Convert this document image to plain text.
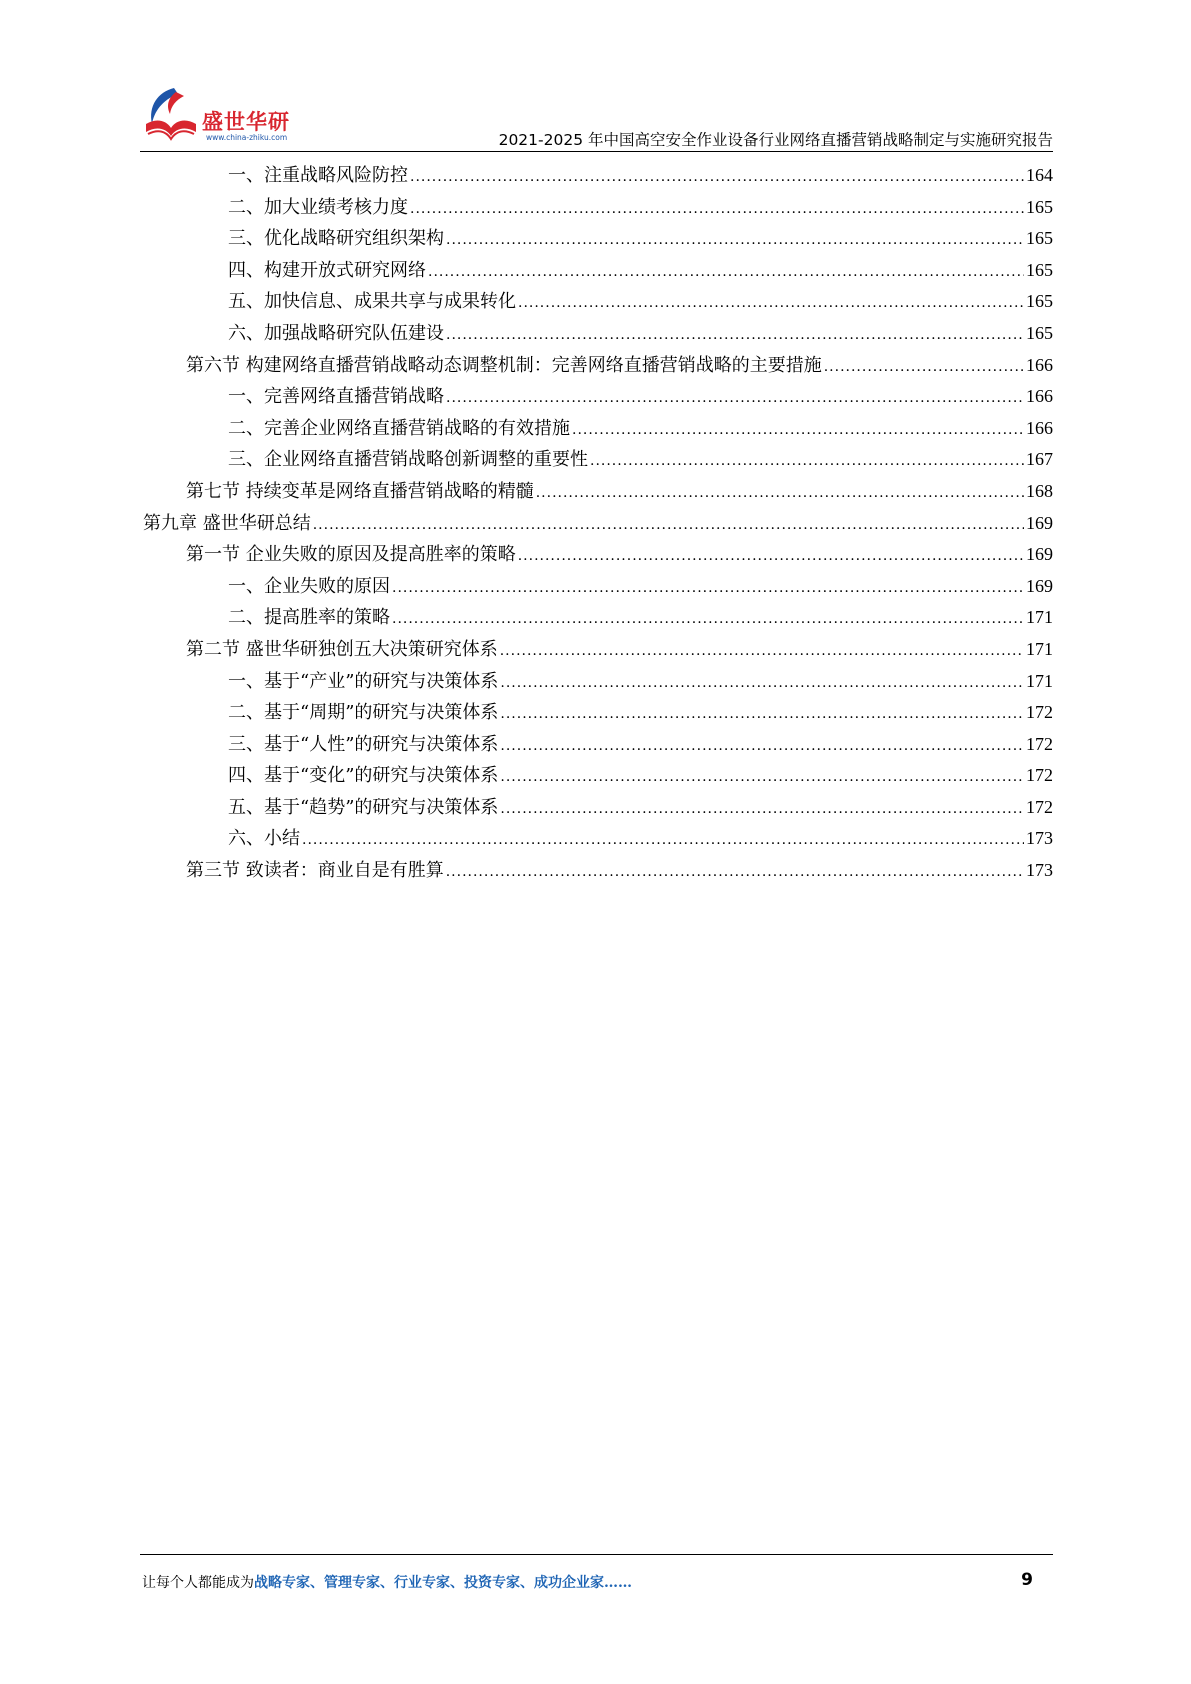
盛世华研
www.china-zhiku.com	2021-2025 年中国高空安全作业设备行业网络直播营销战略制定与实施研究报告
一、注重战略风险防控 .....	164
二、加大业绩考核力度 .....	165
三、优化战略研究组织架构 .....	165
四、构建开放式研究网络 .....	165
五、加快信息、成果共享与成果转化 .....	165
六、加强战略研究队伍建设 .....	165
第六节 构建网络直播营销战略动态调整机制：完善网络直播营销战略的主要措施 .....	166
一、完善网络直播营销战略 .....	166
二、完善企业网络直播营销战略的有效措施 .....	166
三、企业网络直播营销战略创新调整的重要性 .....	167
第七节 持续变革是网络直播营销战略的精髓 .....	168
第九章 盛世华研总结 .....	169
第一节 企业失败的原因及提高胜率的策略 .....	169
一、企业失败的原因 .....	169
二、提高胜率的策略 .....	171
第二节 盛世华研独创五大决策研究体系 .....	171
一、基于“产业”的研究与决策体系 .....	171
二、基于“周期”的研究与决策体系 .....	172
三、基于“人性”的研究与决策体系 .....	172
四、基于“变化”的研究与决策体系 .....	172
五、基于“趋势”的研究与决策体系 .....	172
六、小结 .....	173
第三节 致读者：商业自是有胜算 .....	173
让每个人都能成为战略专家、管理专家、行业专家、投资专家、成功企业家……	9
